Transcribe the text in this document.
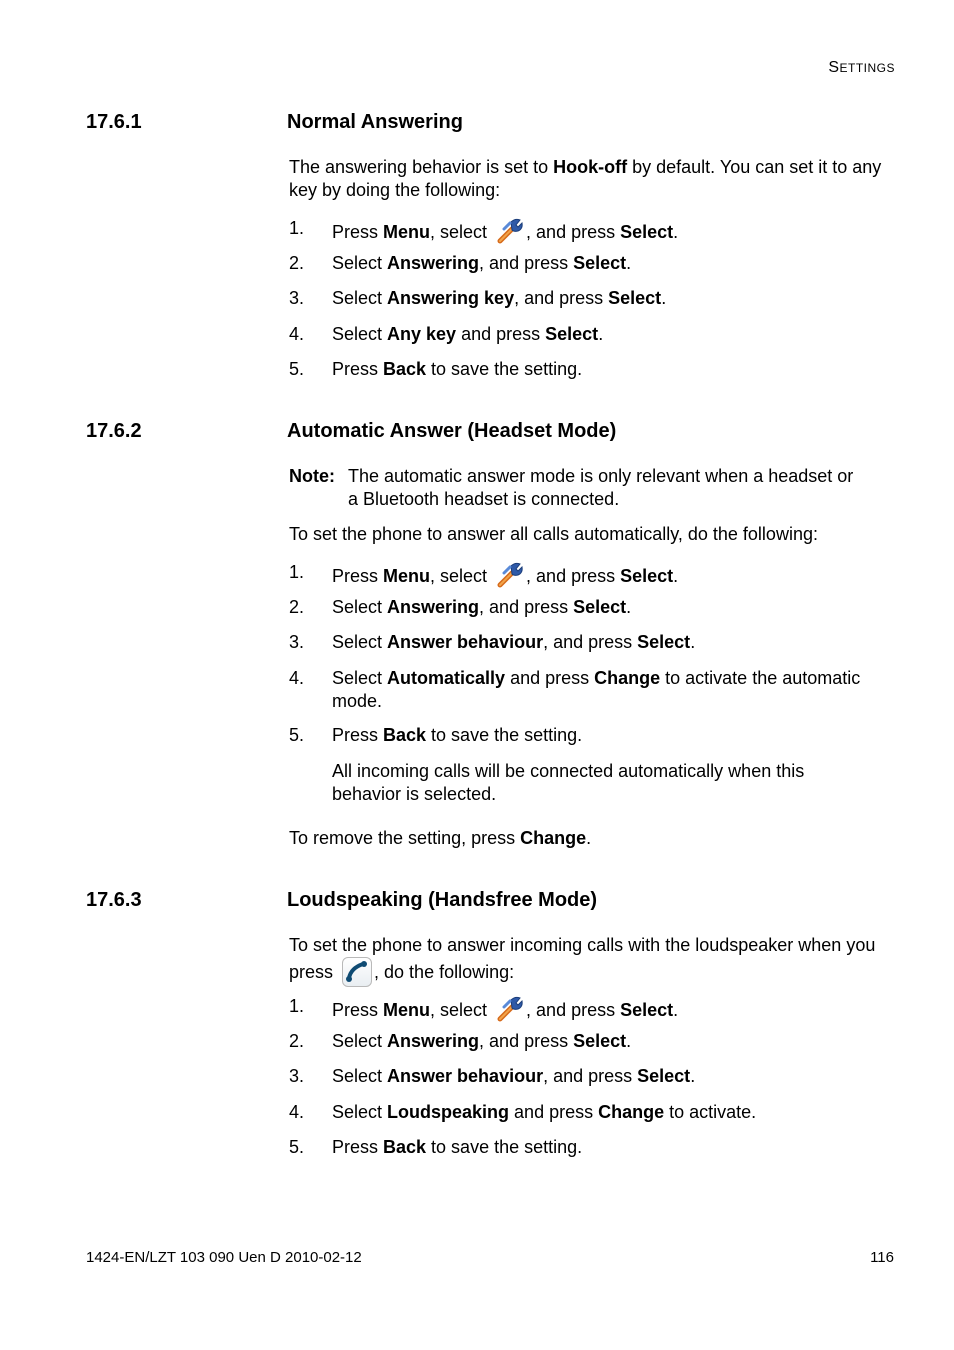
SETTINGS
17.6.1	Normal Answering
The answering behavior is set to Hook-off by default. You can set it to any key by doing the following:
1. Press Menu, select , and press Select.
2. Select Answering, and press Select.
3. Select Answering key, and press Select.
4. Select Any key and press Select.
5. Press Back to save the setting.
17.6.2	Automatic Answer (Headset Mode)
Note: The automatic answer mode is only relevant when a headset or
a Bluetooth headset is connected.
To set the phone to answer all calls automatically, do the following:
1. Press Menu, select , and press Select.
2. Select Answering, and press Select.
3. Select Answer behaviour, and press Select.
4. Select Automatically and press Change to activate the automatic mode.
5. Press Back to save the setting.
All incoming calls will be connected automatically when this behavior is selected.
To remove the setting, press Change.
17.6.3	Loudspeaking (Handsfree Mode)
To set the phone to answer incoming calls with the loudspeaker when you press , do the following:
1. Press Menu, select , and press Select.
2. Select Answering, and press Select.
3. Select Answer behaviour, and press Select.
4. Select Loudspeaking and press Change to activate.
5. Press Back to save the setting.
1424-EN/LZT 103 090 Uen D 2010-02-12	116
